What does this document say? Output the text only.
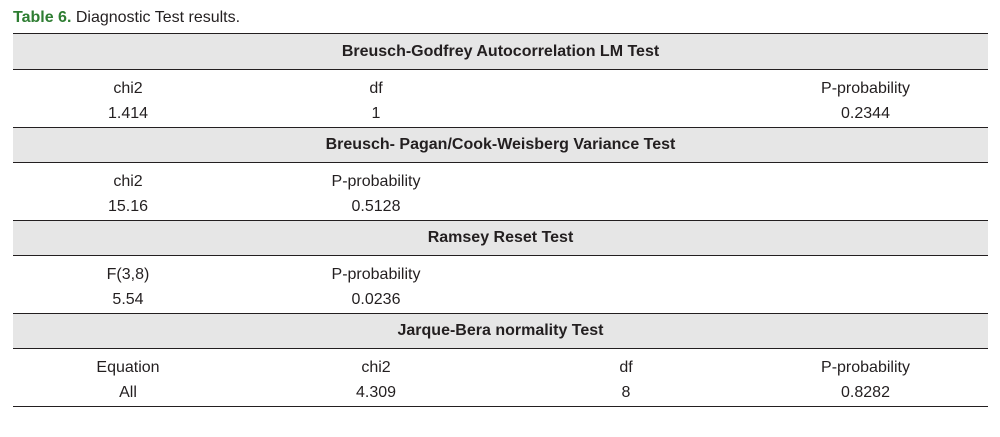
Table 6. Diagnostic Test results.
Breusch-Godfrey Autocorrelation LM Test
chi2	df	P-probability
1.414	1	0.2344
Breusch- Pagan/Cook-Weisberg Variance Test
chi2	P-probability
15.16	0.5128
Ramsey Reset Test
F(3,8)	P-probability
5.54	0.0236
Jarque-Bera normality Test
Equation	chi2	df	P-probability
All	4.309	8	0.8282
